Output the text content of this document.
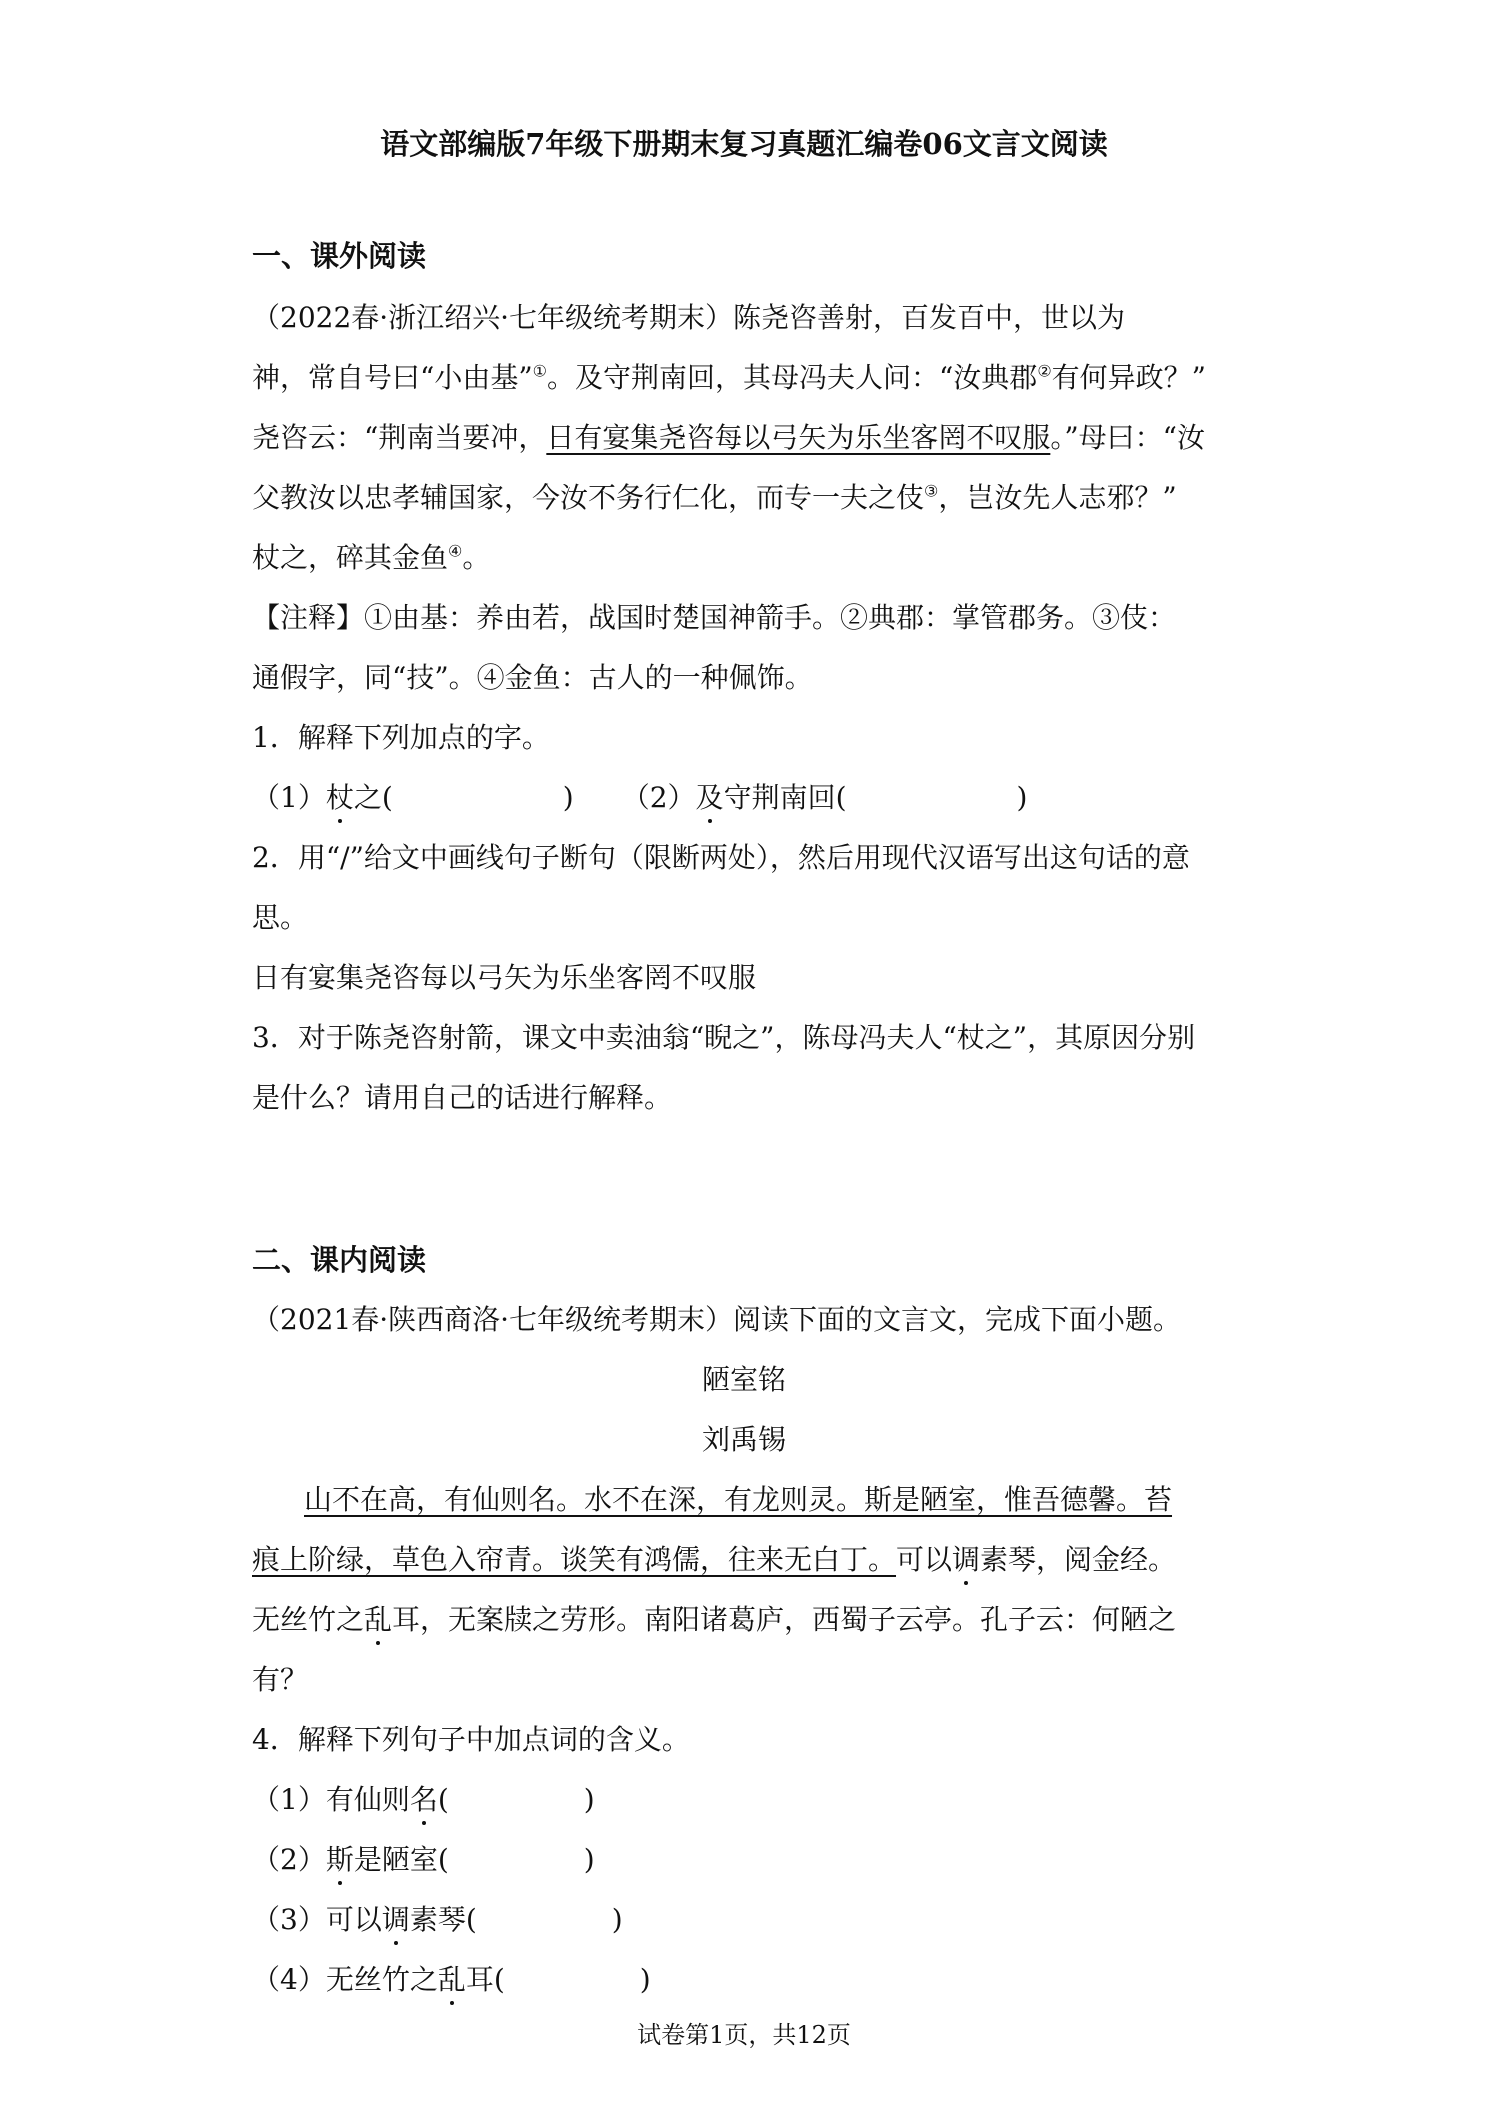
语文部编版7年级下册期末复习真题汇编卷06文言文阅读
一、课外阅读
（2022春·浙江绍兴·七年级统考期末）陈尧咨善射，百发百中，世以为
神，常自号曰“小由基”①。及守荆南回，其母冯夫人问：“汝典郡②有何异政？”
尧咨云：“荆南当要冲，日有宴集尧咨每以弓矢为乐坐客罔不叹服。”母曰：“汝
父教汝以忠孝辅国家，今汝不务行仁化，而专一夫之伎③，岂汝先人志邪？”
杖之，碎其金鱼④。
【注释】①由基：养由若，战国时楚国神箭手。②典郡：掌管郡务。③伎：
通假字，同“技”。④金鱼：古人的一种佩饰。
1．解释下列加点的字。
（1）杖之(	) （2）及守荆南回(	)
2．用“/”给文中画线句子断句（限断两处），然后用现代汉语写出这句话的意
思。
日有宴集尧咨每以弓矢为乐坐客罔不叹服
3．对于陈尧咨射箭，课文中卖油翁“睨之”，陈母冯夫人“杖之”，其原因分别
是什么？请用自己的话进行解释。
二、课内阅读
（2021春·陕西商洛·七年级统考期末）阅读下面的文言文，完成下面小题。
陋室铭
刘禹锡
山不在高，有仙则名。水不在深，有龙则灵。斯是陋室，惟吾德馨。苔
痕上阶绿，草色入帘青。谈笑有鸿儒，往来无白丁。可以调素琴，阅金经。
无丝竹之乱耳，无案牍之劳形。南阳诸葛庐，西蜀子云亭。孔子云：何陋之
有？
4．解释下列句子中加点词的含义。
（1）有仙则名(	)
（2）斯是陋室(	)
（3）可以调素琴(	)
（4）无丝竹之乱耳(	)
试卷第1页，共12页
